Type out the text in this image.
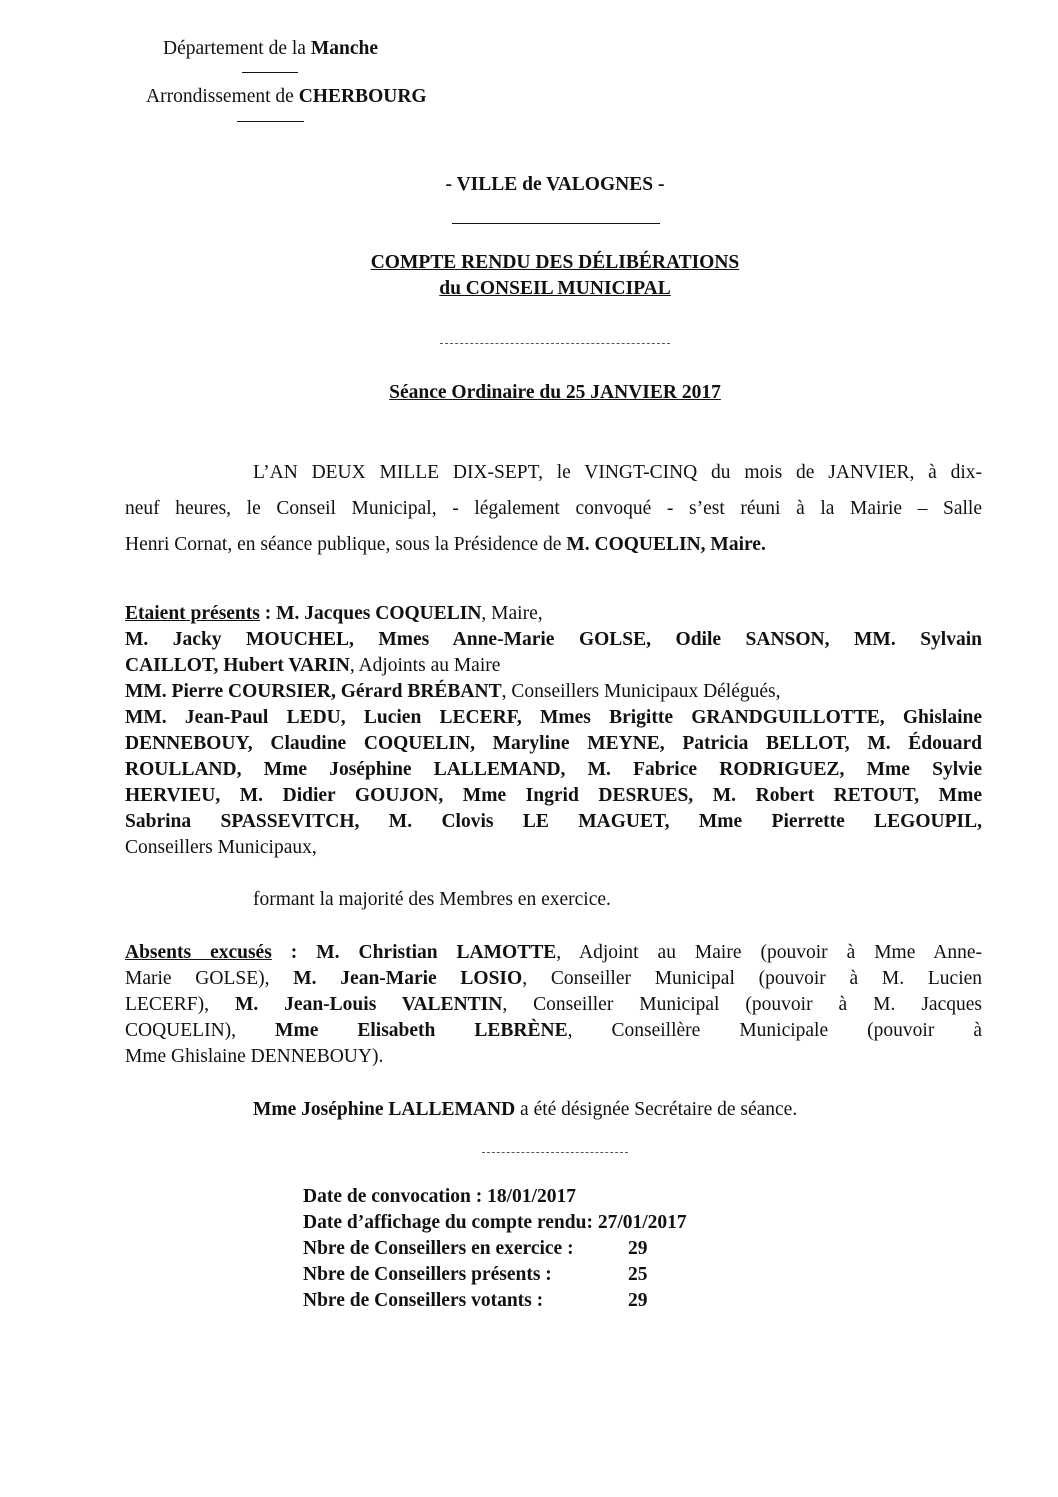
Département de la Manche
Arrondissement de CHERBOURG
- VILLE de VALOGNES -
COMPTE RENDU DES DÉLIBÉRATIONS
du CONSEIL MUNICIPAL
Séance Ordinaire du 25 JANVIER 2017
L’AN DEUX MILLE DIX-SEPT, le VINGT-CINQ du mois de JANVIER, à dix-
neuf heures, le Conseil Municipal, - légalement convoqué - s’est réuni à la Mairie – Salle
Henri Cornat, en séance publique, sous la Présidence de M. COQUELIN, Maire.
Etaient présents : M. Jacques COQUELIN, Maire,
M. Jacky MOUCHEL, Mmes Anne-Marie GOLSE, Odile SANSON, MM. Sylvain
CAILLOT, Hubert VARIN, Adjoints au Maire
MM. Pierre COURSIER, Gérard BRÉBANT, Conseillers Municipaux Délégués,
MM. Jean-Paul LEDU, Lucien LECERF, Mmes Brigitte GRANDGUILLOTTE, Ghislaine
DENNEBOUY, Claudine COQUELIN, Maryline MEYNE, Patricia BELLOT, M. Édouard
ROULLAND, Mme Joséphine LALLEMAND, M. Fabrice RODRIGUEZ, Mme Sylvie
HERVIEU, M. Didier GOUJON, Mme Ingrid DESRUES, M. Robert RETOUT, Mme
Sabrina SPASSEVITCH, M. Clovis LE MAGUET, Mme Pierrette LEGOUPIL,
Conseillers Municipaux,
formant la majorité des Membres en exercice.
Absents excusés : M. Christian LAMOTTE, Adjoint au Maire (pouvoir à Mme Anne-
Marie GOLSE), M. Jean-Marie LOSIO, Conseiller Municipal (pouvoir à M. Lucien
LECERF), M. Jean-Louis VALENTIN, Conseiller Municipal (pouvoir à M. Jacques
COQUELIN), Mme Elisabeth LEBRÈNE, Conseillère Municipale (pouvoir à
Mme Ghislaine DENNEBOUY).
Mme Joséphine LALLEMAND a été désignée Secrétaire de séance.
Date de convocation : 18/01/2017
Date d’affichage du compte rendu: 27/01/2017
Nbre de Conseillers en exercice :	29
Nbre de Conseillers présents :	25
Nbre de Conseillers votants :	29
